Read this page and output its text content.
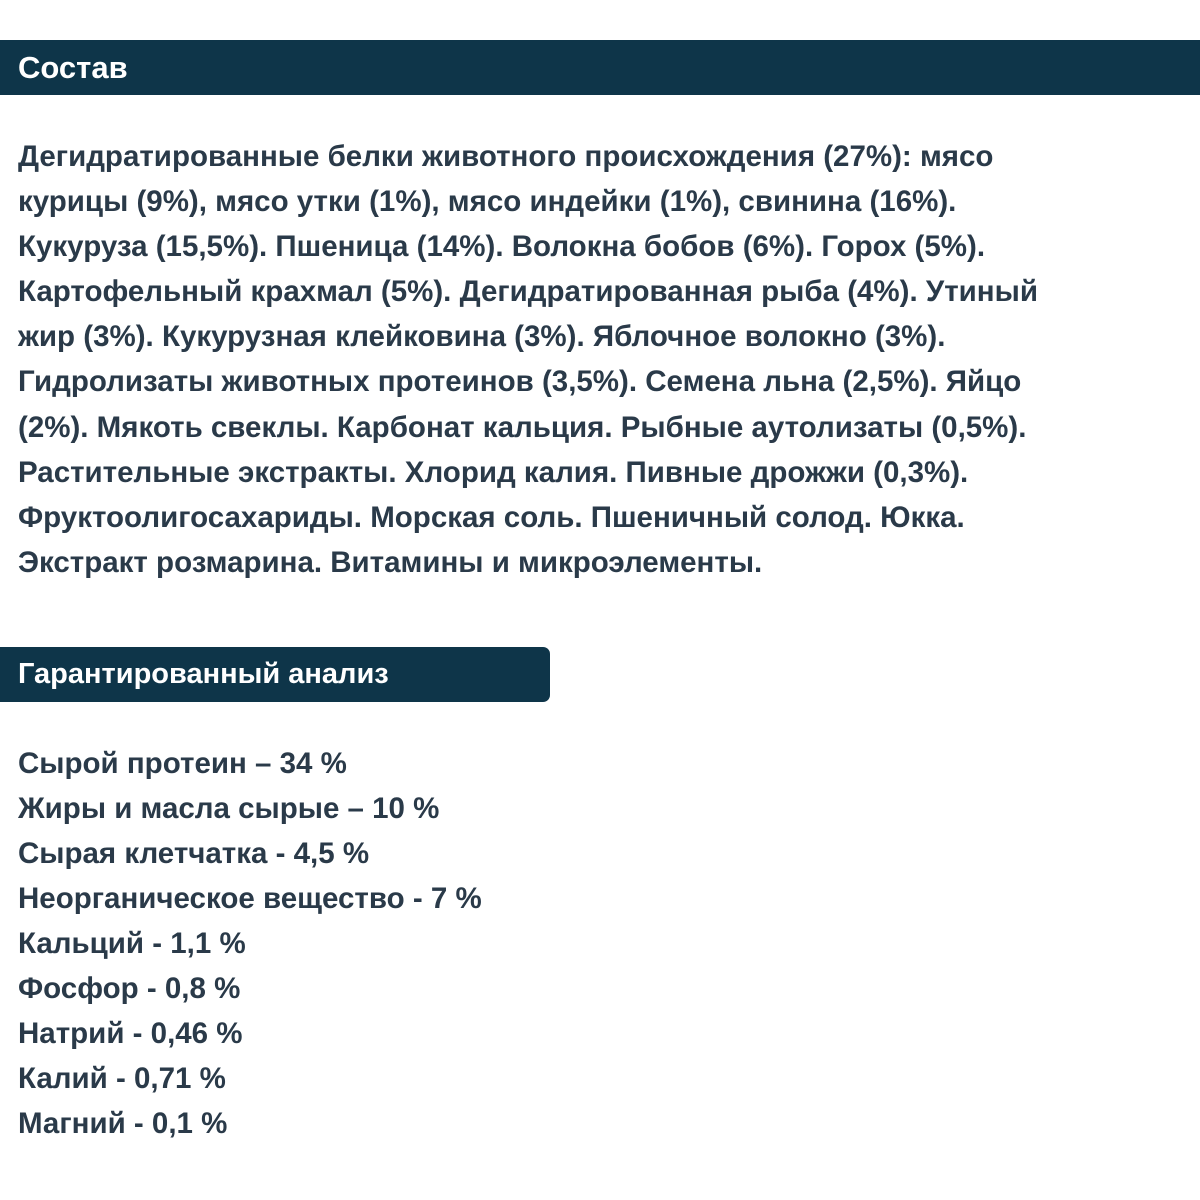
Состав

Дегидратированные белки животного происхождения (27%): мясо
курицы (9%), мясо утки (1%), мясо индейки (1%), свинина (16%).
Кукуруза (15,5%). Пшеница (14%). Волокна бобов (6%). Горох (5%).
Картофельный крахмал (5%). Дегидратированная рыба (4%). Утиный
жир (3%). Кукурузная клейковина (3%). Яблочное волокно (3%).
Гидролизаты животных протеинов (3,5%). Семена льна (2,5%). Яйцо
(2%). Мякоть свеклы. Карбонат кальция. Рыбные аутолизаты (0,5%).
Растительные экстракты. Хлорид калия. Пивные дрожжи (0,3%).
Фруктоолигосахариды. Морская соль. Пшеничный солод. Юкка.
Экстракт розмарина. Витамины и микроэлементы.

Гарантированный анализ
Сырой протеин – 34 %
Жиры и масла сырые – 10 %
Сырая клетчатка - 4,5 %
Неорганическое вещество - 7 %
Кальций - 1,1 %
Фосфор - 0,8 %
Натрий - 0,46 %
Калий - 0,71 %
Магний - 0,1 %
